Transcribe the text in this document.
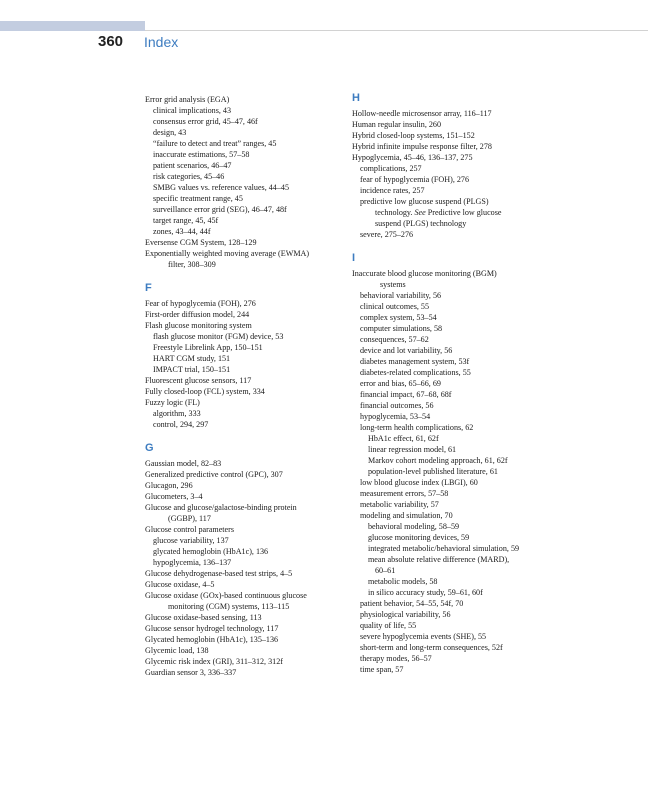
360 Index
Error grid analysis (EGA)
clinical implications, 43
consensus error grid, 45–47, 46f
design, 43
“failure to detect and treat” ranges, 45
inaccurate estimations, 57–58
patient scenarios, 46–47
risk categories, 45–46
SMBG values vs. reference values, 44–45
specific treatment range, 45
surveillance error grid (SEG), 46–47, 48f
target range, 45, 45f
zones, 43–44, 44f
Eversense CGM System, 128–129
Exponentially weighted moving average (EWMA)
filter, 308–309
F
Fear of hypoglycemia (FOH), 276
First-order diffusion model, 244
Flash glucose monitoring system
flash glucose monitor (FGM) device, 53
Freestyle Librelink App, 150–151
HART CGM study, 151
IMPACT trial, 150–151
Fluorescent glucose sensors, 117
Fully closed-loop (FCL) system, 334
Fuzzy logic (FL)
algorithm, 333
control, 294, 297
G
Gaussian model, 82–83
Generalized predictive control (GPC), 307
Glucagon, 296
Glucometers, 3–4
Glucose and glucose/galactose-binding protein
(GGBP), 117
Glucose control parameters
glucose variability, 137
glycated hemoglobin (HbA1c), 136
hypoglycemia, 136–137
Glucose dehydrogenase-based test strips, 4–5
Glucose oxidase, 4–5
Glucose oxidase (GOx)-based continuous glucose
monitoring (CGM) systems, 113–115
Glucose oxidase-based sensing, 113
Glucose sensor hydrogel technology, 117
Glycated hemoglobin (HbA1c), 135–136
Glycemic load, 138
Glycemic risk index (GRI), 311–312, 312f
Guardian sensor 3, 336–337
H
Hollow-needle microsensor array, 116–117
Human regular insulin, 260
Hybrid closed-loop systems, 151–152
Hybrid infinite impulse response filter, 278
Hypoglycemia, 45–46, 136–137, 275
complications, 257
fear of hypoglycemia (FOH), 276
incidence rates, 257
predictive low glucose suspend (PLGS)
technology. See Predictive low glucose
suspend (PLGS) technology
severe, 275–276
I
Inaccurate blood glucose monitoring (BGM)
systems
behavioral variability, 56
clinical outcomes, 55
complex system, 53–54
computer simulations, 58
consequences, 57–62
device and lot variability, 56
diabetes management system, 53f
diabetes-related complications, 55
error and bias, 65–66, 69
financial impact, 67–68, 68f
financial outcomes, 56
hypoglycemia, 53–54
long-term health complications, 62
HbA1c effect, 61, 62f
linear regression model, 61
Markov cohort modeling approach, 61, 62f
population-level published literature, 61
low blood glucose index (LBGI), 60
measurement errors, 57–58
metabolic variability, 57
modeling and simulation, 70
behavioral modeling, 58–59
glucose monitoring devices, 59
integrated metabolic/behavioral simulation, 59
mean absolute relative difference (MARD),
60–61
metabolic models, 58
in silico accuracy study, 59–61, 60f
patient behavior, 54–55, 54f, 70
physiological variability, 56
quality of life, 55
severe hypoglycemia events (SHE), 55
short-term and long-term consequences, 52f
therapy modes, 56–57
time span, 57
